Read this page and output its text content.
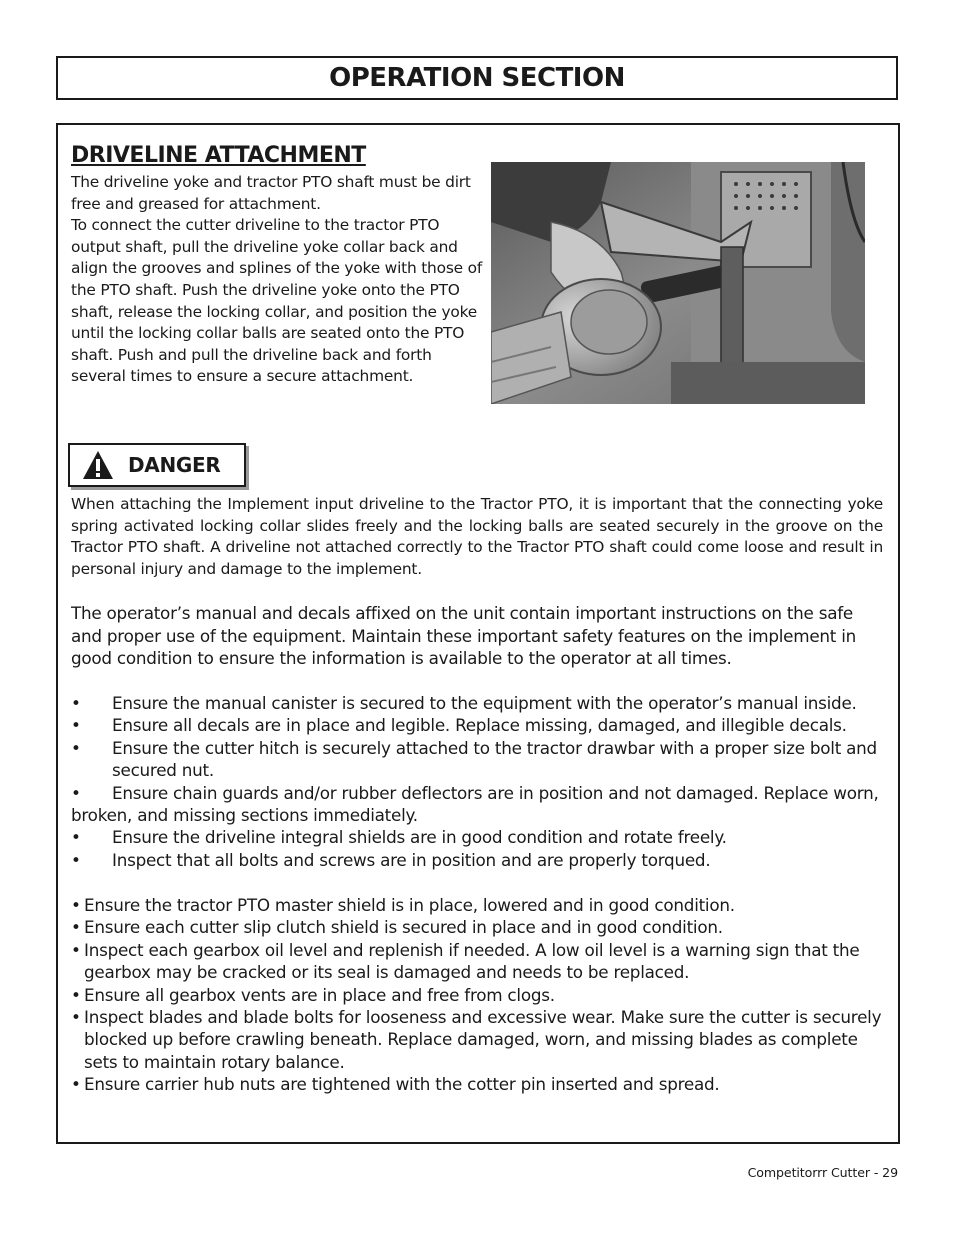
OPERATION SECTION
DRIVELINE ATTACHMENT

The driveline yoke and tractor PTO shaft must be dirt free and greased for attachment.

To connect the cutter driveline to the tractor PTO output shaft, pull the driveline yoke collar back and align the grooves and splines of the yoke with those of the PTO shaft. Push the driveline yoke onto the PTO shaft, release the locking collar, and position the yoke until the locking collar balls are seated onto the PTO shaft. Push and pull the driveline back and forth several times to ensure a secure attachment.

DANGER

When attaching the Implement input driveline to the Tractor PTO, it is important that the connecting yoke spring activated locking collar slides freely and the locking balls are seated securely in the groove on the Tractor PTO shaft. A driveline not attached correctly to the Tractor PTO shaft could come loose and result in personal injury and damage to the implement.

The operator’s manual and decals affixed on the unit contain important instructions on the safe and proper use of the equipment. Maintain these important safety features on the implement in good condition to ensure the information is available to the operator at all times.

• Ensure the manual canister is secured to the equipment with the operator’s manual inside.
• Ensure all decals are in place and legible. Replace missing, damaged, and illegible decals.
• Ensure the cutter hitch is securely attached to the tractor drawbar with a proper size bolt and secured nut.
• Ensure chain guards and/or rubber deflectors are in position and not damaged. Replace worn, broken, and missing sections immediately.
• Ensure the driveline integral shields are in good condition and rotate freely.
• Inspect that all bolts and screws are in position and are properly torqued.
• Ensure the tractor PTO master shield is in place, lowered and in good condition.
• Ensure each cutter slip clutch shield is secured in place and in good condition.
• Inspect each gearbox oil level and replenish if needed. A low oil level is a warning sign that the gearbox may be cracked or its seal is damaged and needs to be replaced.
• Ensure all gearbox vents are in place and free from clogs.
• Inspect blades and blade bolts for looseness and excessive wear. Make sure the cutter is securely blocked up before crawling beneath. Replace damaged, worn, and missing blades as complete sets to maintain rotary balance.
• Ensure carrier hub nuts are tightened with the cotter pin inserted and spread.
Competitorrr Cutter - 29
